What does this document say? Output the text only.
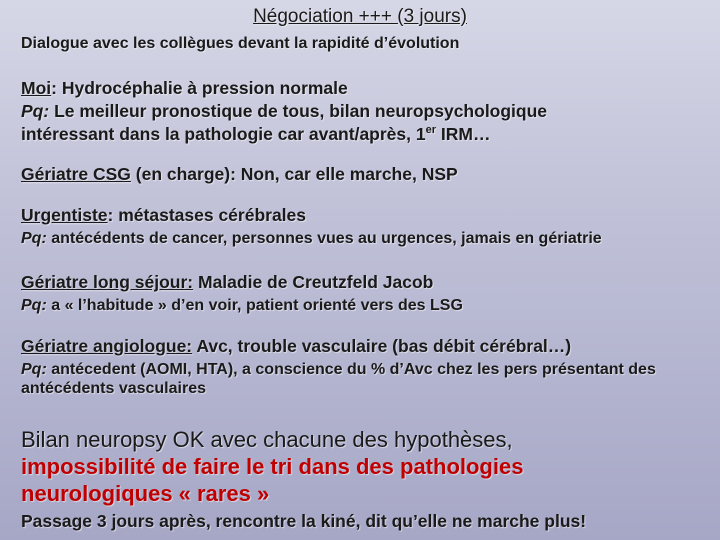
Négociation +++ (3 jours)
Dialogue avec les collègues devant la rapidité d’évolution
Moi: Hydrocéphalie à pression normale
Pq: Le meilleur pronostique de tous, bilan neuropsychologique
intéressant dans la pathologie car avant/après, 1er IRM…
Gériatre CSG (en charge): Non, car elle marche, NSP
Urgentiste: métastases cérébrales
Pq: antécédents de cancer, personnes vues au urgences, jamais en gériatrie
Gériatre long séjour: Maladie de Creutzfeld Jacob
Pq: a « l’habitude » d’en voir, patient orienté vers des LSG
Gériatre angiologue: Avc, trouble vasculaire (bas débit cérébral…)
Pq: antécedent (AOMI, HTA), a conscience du % d’Avc chez les pers présentant des antécédents vasculaires
Bilan neuropsy OK avec chacune des hypothèses, impossibilité de faire le tri dans des pathologies neurologiques « rares »
Passage 3 jours après, rencontre la kiné, dit qu’elle ne marche plus!
